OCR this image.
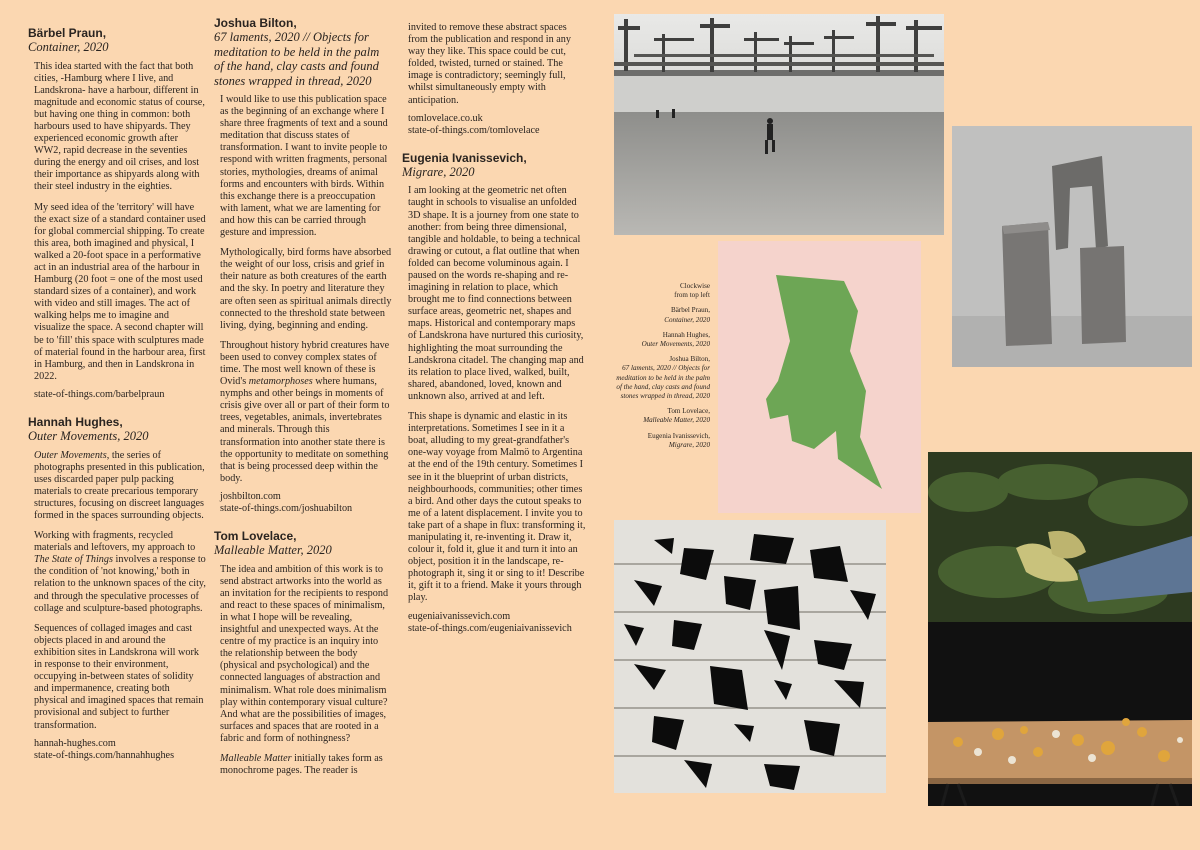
Bärbel Praun,

Container, 2020

This idea started with the fact that both cities, -Hamburg where I live, and Landskrona- have a harbour, different in magnitude and economic status of course, but having one thing in common: both harbours used to have shipyards. They experienced economic growth after WW2, rapid decrease in the seventies during the energy and oil crises, and lost their importance as shipyards along with their steel industry in the eighties.

My seed idea of the 'territory' will have the exact size of a standard container used for global commercial shipping. To create this area, both imagined and physical, I walked a 20-foot space in a performative act in an industrial area of the harbour in Hamburg (20 foot = one of the most used standard sizes of a container), and work with video and still images. The act of walking helps me to imagine and visualize the space. A second chapter will be to 'fill' this space with sculptures made of material found in the harbour area, first in Hamburg, and then in Landskrona in 2022.

state-of-things.com/barbelpraun

Hannah Hughes,

Outer Movements, 2020

Outer Movements, the series of photographs presented in this publication, uses discarded paper pulp packing materials to create precarious temporary structures, focusing on discreet languages formed in the spaces surrounding objects.

Working with fragments, recycled materials and leftovers, my approach to The State of Things involves a response to the condition of 'not knowing,' both in relation to the unknown spaces of the city, and through the speculative processes of collage and sculpture-based photographs.

Sequences of collaged images and cast objects placed in and around the exhibition sites in Landskrona will work in response to their environment, occupying in-between states of solidity and impermanence, creating both physical and imagined spaces that remain provisional and subject to further transformation.

hannah-hughes.com
state-of-things.com/hannahhughes

Joshua Bilton,

67 laments, 2020 // Objects for meditation to be held in the palm of the hand, clay casts and found stones wrapped in thread, 2020

I would like to use this publication space as the beginning of an exchange where I share three fragments of text and a sound meditation that discuss states of transformation. I want to invite people to respond with written fragments, personal stories, mythologies, dreams of animal forms and encounters with birds. Within this exchange there is a preoccupation with lament, what we are lamenting for and how this can be carried through gesture and impression.

Mythologically, bird forms have absorbed the weight of our loss, crisis and grief in their nature as both creatures of the earth and the sky. In poetry and literature they are often seen as spiritual animals directly connected to the threshold state between living, dying, beginning and ending.

Throughout history hybrid creatures have been used to convey complex states of time. The most well known of these is Ovid's metamorphoses where humans, nymphs and other beings in moments of crisis give over all or part of their form to trees, vegetables, animals, invertebrates and minerals. Through this transformation into another state there is the opportunity to meditate on something that is being processed deep within the body.

joshbilton.com
state-of-things.com/joshuabilton

Tom Lovelace,

Malleable Matter, 2020

The idea and ambition of this work is to send abstract artworks into the world as an invitation for the recipients to respond and react to these spaces of minimalism, in what I hope will be revealing, insightful and unexpected ways. At the centre of my practice is an inquiry into the relationship between the body (physical and psychological) and the connected languages of abstraction and minimalism. What role does minimalism play within contemporary visual culture? And what are the possibilities of images, surfaces and spaces that are rooted in a fabric and form of nothingness?

Malleable Matter initially takes form as monochrome pages. The reader is

invited to remove these abstract spaces from the publication and respond in any way they like. This space could be cut, folded, twisted, turned or stained. The image is contradictory; seemingly full, whilst simultaneously empty with anticipation.

tomlovelace.co.uk
state-of-things.com/tomlovelace

Eugenia Ivanissevich,

Migrare, 2020

I am looking at the geometric net often taught in schools to visualise an unfolded 3D shape. It is a journey from one state to another: from being three dimensional, tangible and holdable, to being a technical drawing or cutout, a flat outline that when folded can become voluminous again. I paused on the words re-shaping and re-imagining in relation to place, which brought me to find connections between surface areas, geometric net, shapes and maps. Historical and contemporary maps of Landskrona have nurtured this curiosity, highlighting the moat surrounding the Landskrona citadel. The changing map and its relation to place lived, walked, built, shared, abandoned, loved, known and unknown also, arrived at and left.

This shape is dynamic and elastic in its interpretations. Sometimes I see in it a boat, alluding to my great-grandfather's one-way voyage from Malmö to Argentina at the end of the 19th century. Sometimes I see in it the blueprint of urban districts, neighbourhoods, communities; other times a bird. And other days the cutout speaks to me of a latent displacement. I invite you to take part of a shape in flux: transforming it, manipulating it, re-inventing it. Draw it, colour it, fold it, glue it and turn it into an object, position it in the landscape, re-photograph it, sing it or sing to it! Describe it, gift it to a friend. Make it yours through play.

eugeniaivanissevich.com
state-of-things.com/eugeniaivanissevich

Clockwise
from top left

Bärbel Praun,
Container, 2020

Hannah Hughes,
Outer Movements, 2020

Joshua Bilton,
67 laments, 2020 // Objects for meditation to be held in the palm of the hand, clay casts and found stones wrapped in thread, 2020

Tom Lovelace,
Malleable Matter, 2020

Eugenia Ivanissevich,
Migrare, 2020
